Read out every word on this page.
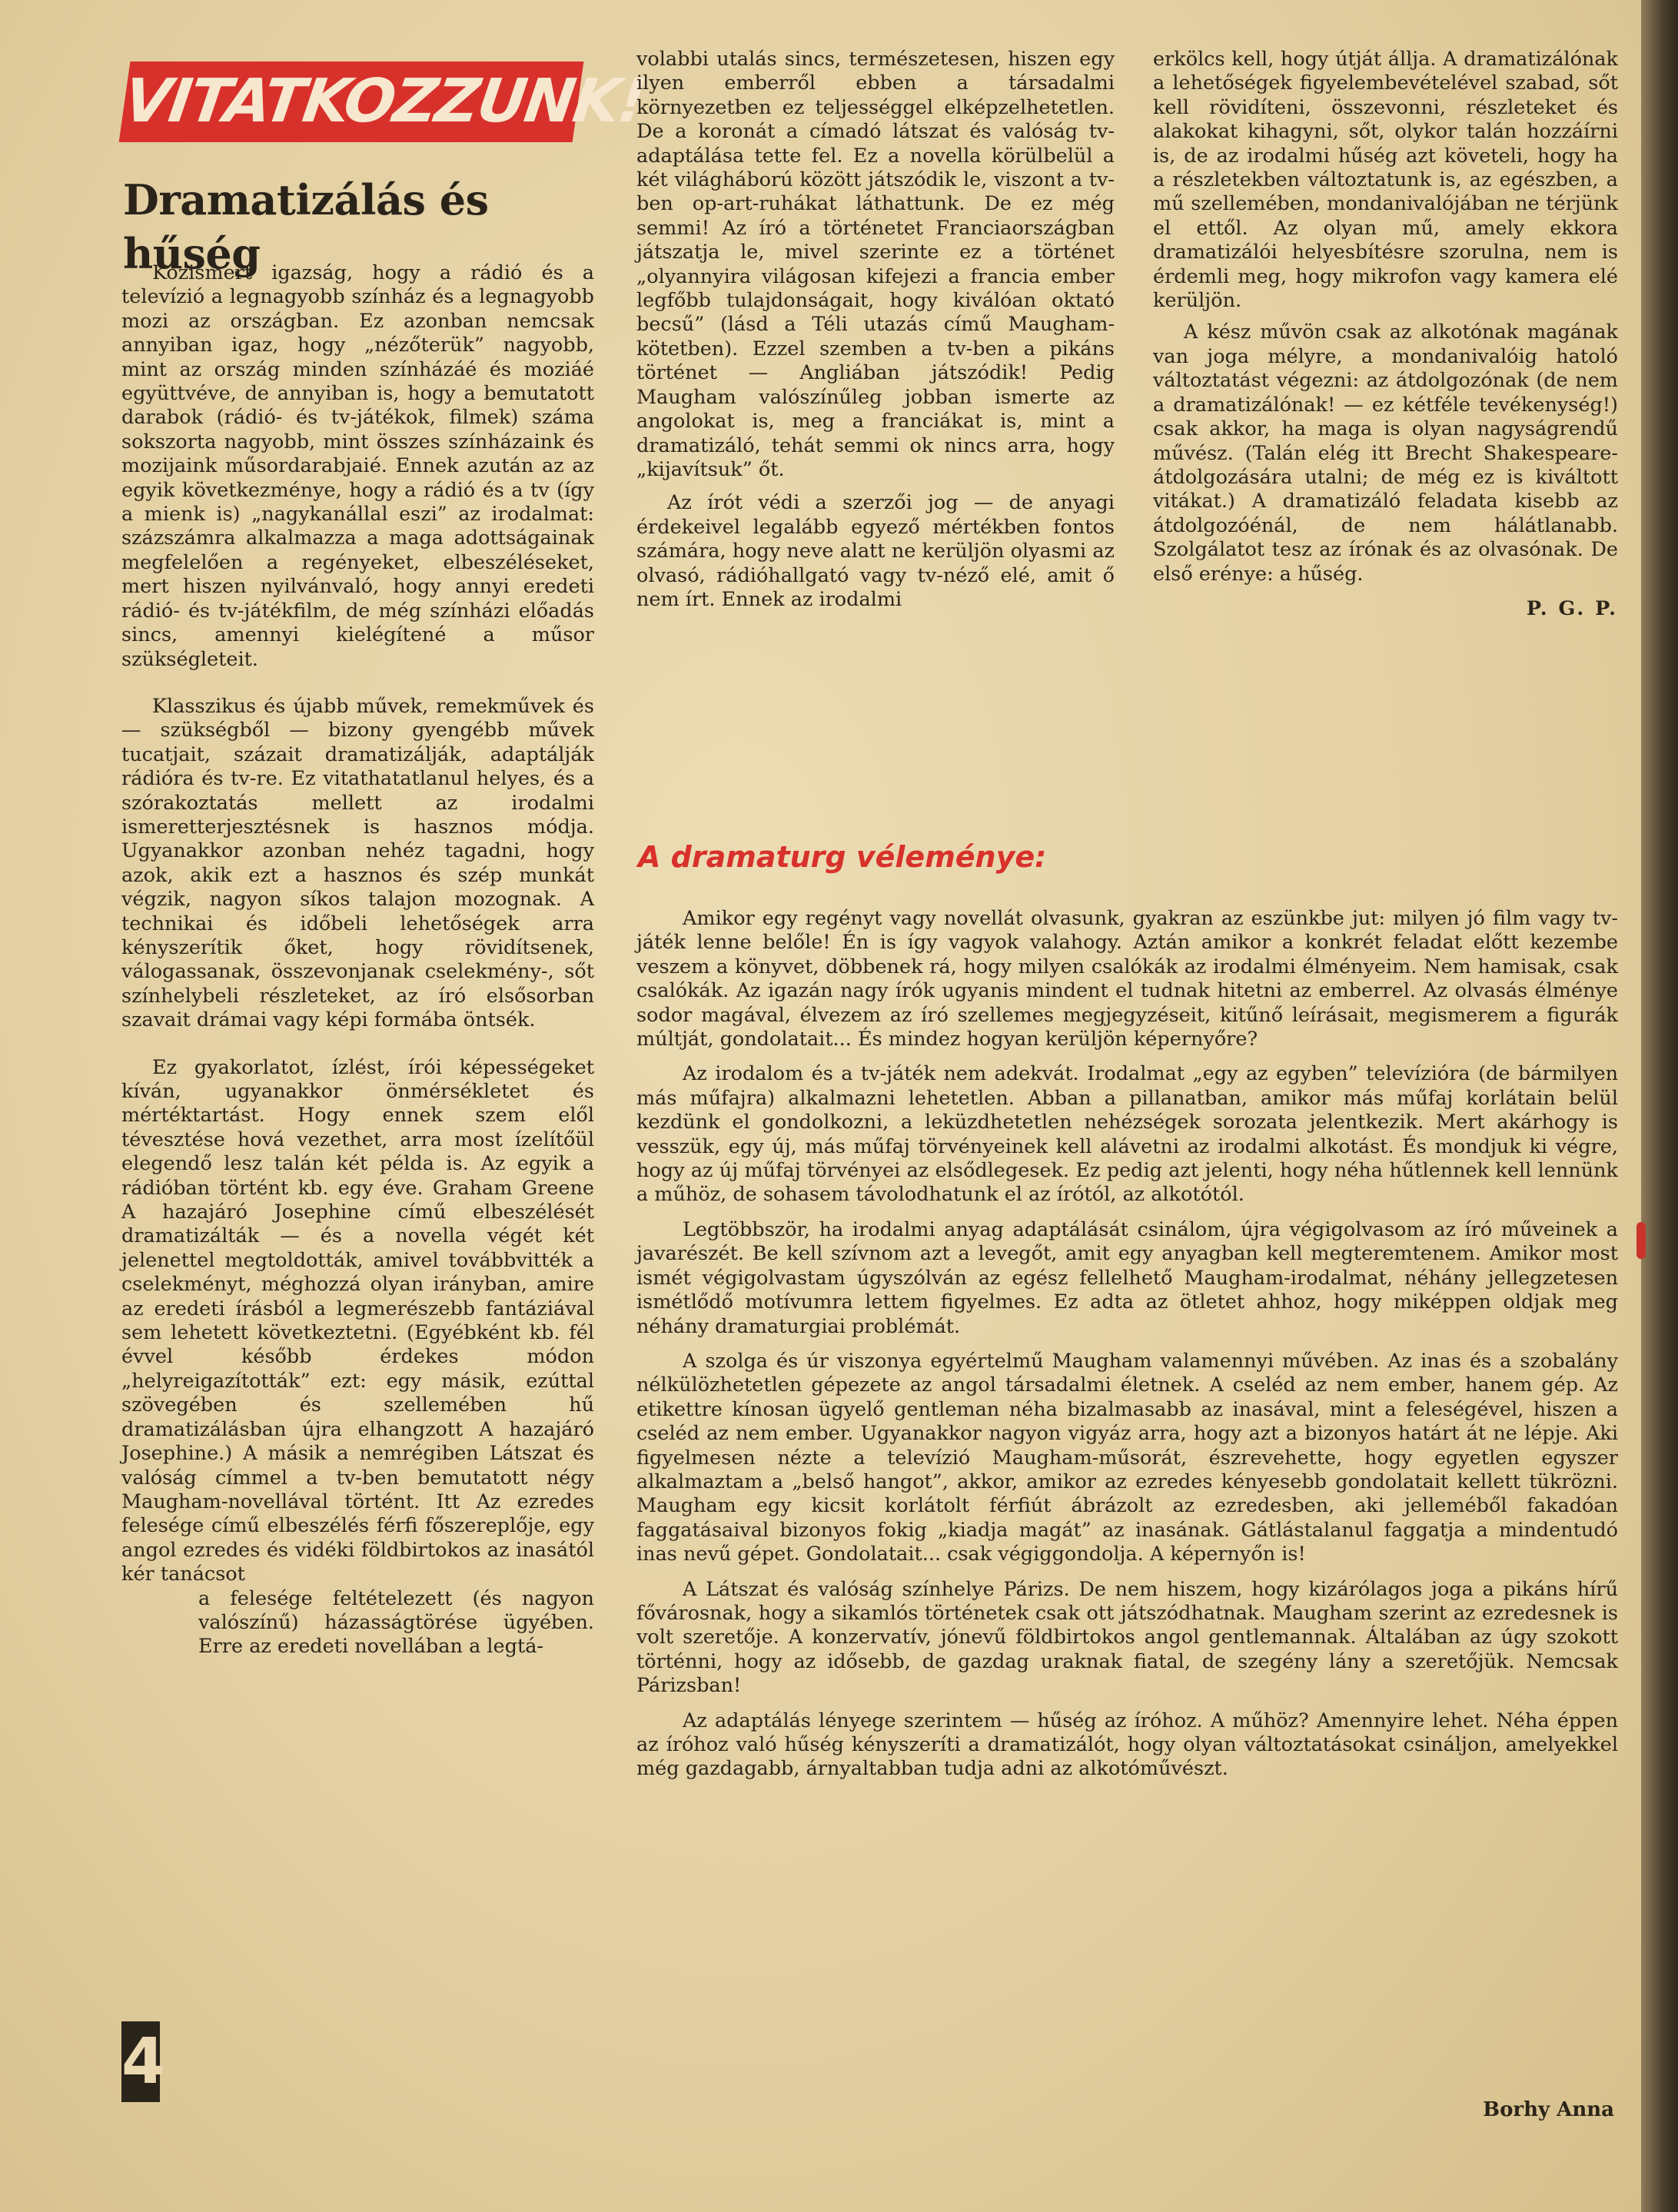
VITATKOZZUNK!
Dramatizálás és hűség

Közismert igazság, hogy a rádió és a televízió a legnagyobb színház és a legnagyobb mozi az országban. Ez azonban nemcsak annyiban igaz, hogy „nézőterük” nagyobb, mint az ország minden színházáé és moziáé együttvéve, de annyiban is, hogy a bemutatott darabok (rádió- és tv-játékok, filmek) száma sokszorta nagyobb, mint összes színházaink és mozijaink műsordarabjaié. Ennek azután az az egyik következménye, hogy a rádió és a tv (így a mienk is) „nagykanállal eszi” az irodalmat: százszámra alkalmazza a maga adottságainak megfelelően a regényeket, elbeszéléseket, mert hiszen nyilvánvaló, hogy annyi eredeti rádió- és tv-játékfilm, de még színházi előadás sincs, amennyi kielégítené a műsor szükségleteit.

Klasszikus és újabb művek, remekművek és — szükségből — bizony gyengébb művek tucatjait, százait dramatizálják, adaptálják rádióra és tv-re. Ez vitathatatlanul helyes, és a szórakoztatás mellett az irodalmi ismeretterjesztésnek is hasznos módja. Ugyanakkor azonban nehéz tagadni, hogy azok, akik ezt a hasznos és szép munkát végzik, nagyon síkos talajon mozognak. A technikai és időbeli lehetőségek arra kényszerítik őket, hogy rövidítsenek, válogassanak, összevonjanak cselekmény-, sőt színhelybeli részleteket, az író elsősorban szavait drámai vagy képi formába öntsék.

Ez gyakorlatot, ízlést, írói képességeket kíván, ugyanakkor önmérsékletet és mértéktartást. Hogy ennek szem elől tévesztése hová vezethet, arra most ízelítőül elegendő lesz talán két példa is. Az egyik a rádióban történt kb. egy éve. Graham Greene A hazajáró Josephine című elbeszélését dramatizálták — és a novella végét két jelenettel megtoldották, amivel továbbvitték a cselekményt, méghozzá olyan irányban, amire az eredeti írásból a legmerészebb fantáziával sem lehetett következtetni. (Egyébként kb. fél évvel később érdekes módon „helyreigazították” ezt: egy másik, ezúttal szövegében és szellemében hű dramatizálásban újra elhangzott A hazajáró Josephine.) A másik a nemrégiben Látszat és valóság címmel a tv-ben bemutatott négy Maugham-novellával történt. Itt Az ezredes felesége című elbeszélés férfi főszereplője, egy angol ezredes és vidéki földbirtokos az inasától kér tanácsot

a felesége feltételezett (és nagyon valószínű) házasságtörése ügyében. Erre az eredeti novellában a legtá-

4

volabbi utalás sincs, természetesen, hiszen egy ilyen emberről ebben a társadalmi környezetben ez teljességgel elképzelhetetlen. De a koronát a címadó látszat és valóság tv-adaptálása tette fel. Ez a novella körülbelül a két világháború között játszódik le, viszont a tv-ben op-art-ruhákat láthattunk. De ez még semmi! Az író a történetet Franciaországban játszatja le, mivel szerinte ez a történet „olyannyira világosan kifejezi a francia ember legfőbb tulajdonságait, hogy kiválóan oktató becsű” (lásd a Téli utazás című Maugham-kötetben). Ezzel szemben a tv-ben a pikáns történet — Angliában játszódik! Pedig Maugham valószínűleg jobban ismerte az angolokat is, meg a franciákat is, mint a dramatizáló, tehát semmi ok nincs arra, hogy „kijavítsuk” őt.

Az írót védi a szerzői jog — de anyagi érdekeivel legalább egyező mértékben fontos számára, hogy neve alatt ne kerüljön olyasmi az olvasó, rádióhallgató vagy tv-néző elé, amit ő nem írt. Ennek az irodalmi

erkölcs kell, hogy útját állja. A dramatizálónak a lehetőségek figyelembevételével szabad, sőt kell rövidíteni, összevonni, részleteket és alakokat kihagyni, sőt, olykor talán hozzáírni is, de az irodalmi hűség azt követeli, hogy ha a részletekben változtatunk is, az egészben, a mű szellemében, mondanivalójában ne térjünk el ettől. Az olyan mű, amely ekkora dramatizálói helyesbítésre szorulna, nem is érdemli meg, hogy mikrofon vagy kamera elé kerüljön.

A kész művön csak az alkotónak magának van joga mélyre, a mondanivalóig hatoló változtatást végezni: az átdolgozónak (de nem a dramatizálónak! — ez kétféle tevékenység!) csak akkor, ha maga is olyan nagyságrendű művész. (Talán elég itt Brecht Shakespeare-átdolgozására utalni; de még ez is kiváltott vitákat.) A dramatizáló feladata kisebb az átdolgozóénál, de nem hálátlanabb. Szolgálatot tesz az írónak és az olvasónak. De első erénye: a hűség.

P. G. P.
A dramaturg véleménye:

Amikor egy regényt vagy novellát olvasunk, gyakran az eszünkbe jut: milyen jó film vagy tv-játék lenne belőle! Én is így vagyok valahogy. Aztán amikor a konkrét feladat előtt kezembe veszem a könyvet, döbbenek rá, hogy milyen csalókák az irodalmi élményeim. Nem hamisak, csak csalókák. Az igazán nagy írók ugyanis mindent el tudnak hitetni az emberrel. Az olvasás élménye sodor magával, élvezem az író szellemes megjegyzéseit, kitűnő leírásait, megismerem a figurák múltját, gondolatait... És mindez hogyan kerüljön képernyőre?

Az irodalom és a tv-játék nem adekvát. Irodalmat „egy az egyben” televízióra (de bármilyen más műfajra) alkalmazni lehetetlen. Abban a pillanatban, amikor más műfaj korlátain belül kezdünk el gondolkozni, a leküzdhetetlen nehézségek sorozata jelentkezik. Mert akárhogy is vesszük, egy új, más műfaj törvényeinek kell alávetni az irodalmi alkotást. És mondjuk ki végre, hogy az új műfaj törvényei az elsődlegesek. Ez pedig azt jelenti, hogy néha hűtlennek kell lennünk a műhöz, de sohasem távolodhatunk el az írótól, az alkotótól.

Legtöbbször, ha irodalmi anyag adaptálását csinálom, újra végigolvasom az író műveinek a javarészét. Be kell szívnom azt a levegőt, amit egy anyagban kell megteremtenem. Amikor most ismét végigolvastam úgyszólván az egész fellelhető Maugham-irodalmat, néhány jellegzetesen ismétlődő motívumra lettem figyelmes. Ez adta az ötletet ahhoz, hogy miképpen oldjak meg néhány dramaturgiai problémát.

A szolga és úr viszonya egyértelmű Maugham valamennyi művében. Az inas és a szobalány nélkülözhetetlen gépezete az angol társadalmi életnek. A cseléd az nem ember, hanem gép. Az etikettre kínosan ügyelő gentleman néha bizalmasabb az inasával, mint a feleségével, hiszen a cseléd az nem ember. Ugyanakkor nagyon vigyáz arra, hogy azt a bizonyos határt át ne lépje. Aki figyelmesen nézte a televízió Maugham-műsorát, észrevehette, hogy egyetlen egyszer alkalmaztam a „belső hangot”, akkor, amikor az ezredes kényesebb gondolatait kellett tükrözni. Maugham egy kicsit korlátolt férfiút ábrázolt az ezredesben, aki jelleméből fakadóan faggatásaival bizonyos fokig „kiadja magát” az inasának. Gátlástalanul faggatja a mindentudó inas nevű gépet. Gondolatait... csak végiggondolja. A képernyőn is!

A Látszat és valóság színhelye Párizs. De nem hiszem, hogy kizárólagos joga a pikáns hírű fővárosnak, hogy a sikamlós történetek csak ott játszódhatnak. Maugham szerint az ezredesnek is volt szeretője. A konzervatív, jónevű földbirtokos angol gentlemannak. Általában az úgy szokott történni, hogy az idősebb, de gazdag uraknak fiatal, de szegény lány a szeretőjük. Nemcsak Párizsban!

Az adaptálás lényege szerintem — hűség az íróhoz. A műhöz? Amennyire lehet. Néha éppen az íróhoz való hűség kényszeríti a dramatizálót, hogy olyan változtatásokat csináljon, amelyekkel még gazdagabb, árnyaltabban tudja adni az alkotóművészt.

Borhy Anna
